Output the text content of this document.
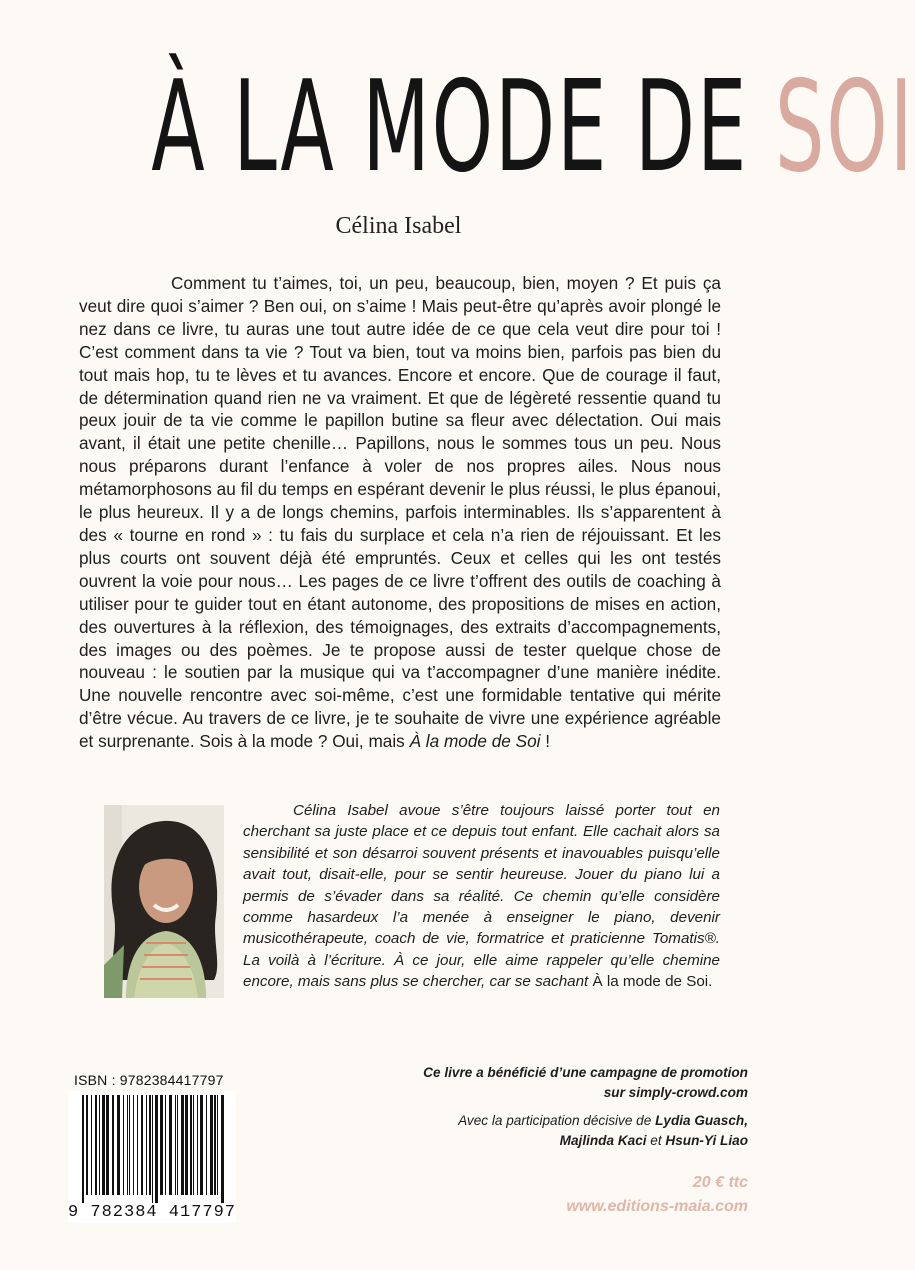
À LA MODE DE SOI
Célina Isabel

Comment tu t’aimes, toi, un peu, beaucoup, bien, moyen ? Et puis ça veut dire quoi s’aimer ? Ben oui, on s’aime ! Mais peut-être qu’après avoir plongé le nez dans ce livre, tu auras une tout autre idée de ce que cela veut dire pour toi ! C’est comment dans ta vie ? Tout va bien, tout va moins bien, parfois pas bien du tout mais hop, tu te lèves et tu avances. Encore et encore. Que de courage il faut, de détermination quand rien ne va vraiment. Et que de légèreté ressentie quand tu peux jouir de ta vie comme le papillon butine sa fleur avec délectation. Oui mais avant, il était une petite chenille… Papillons, nous le sommes tous un peu. Nous nous préparons durant l’enfance à voler de nos propres ailes. Nous nous métamorphosons au fil du temps en espérant devenir le plus réussi, le plus épanoui, le plus heureux. Il y a de longs chemins, parfois interminables. Ils s’apparentent à des « tourne en rond » : tu fais du surplace et cela n’a rien de réjouissant. Et les plus courts ont souvent déjà été empruntés. Ceux et celles qui les ont testés ouvrent la voie pour nous… Les pages de ce livre t’offrent des outils de coaching à utiliser pour te guider tout en étant autonome, des propositions de mises en action, des ouvertures à la réflexion, des témoignages, des extraits d’accompagnements, des images ou des poèmes. Je te propose aussi de tester quelque chose de nouveau : le soutien par la musique qui va t’accompagner d’une manière inédite. Une nouvelle rencontre avec soi-même, c’est une formidable tentative qui mérite d’être vécue. Au travers de ce livre, je te souhaite de vivre une expérience agréable et surprenante. Sois à la mode ? Oui, mais À la mode de Soi !

Célina Isabel avoue s’être toujours laissé porter tout en cherchant sa juste place et ce depuis tout enfant. Elle cachait alors sa sensibilité et son désarroi souvent présents et inavouables puisqu’elle avait tout, disait-elle, pour se sentir heureuse. Jouer du piano lui a permis de s’évader dans sa réalité. Ce chemin qu’elle considère comme hasardeux l’a menée à enseigner le piano, devenir musicothérapeute, coach de vie, formatrice et praticienne Tomatis®. La voilà à l’écriture. À ce jour, elle aime rappeler qu’elle chemine encore, mais sans plus se chercher, car se sachant À la mode de Soi.

ISBN : 9782384417797
9 782384 417797
Ce livre a bénéficié d’une campagne de promotion
sur simply-crowd.com
Avec la participation décisive de Lydia Guasch,
Majlinda Kaci et Hsun-Yi Liao
20 € ttc
www.editions-maia.com
